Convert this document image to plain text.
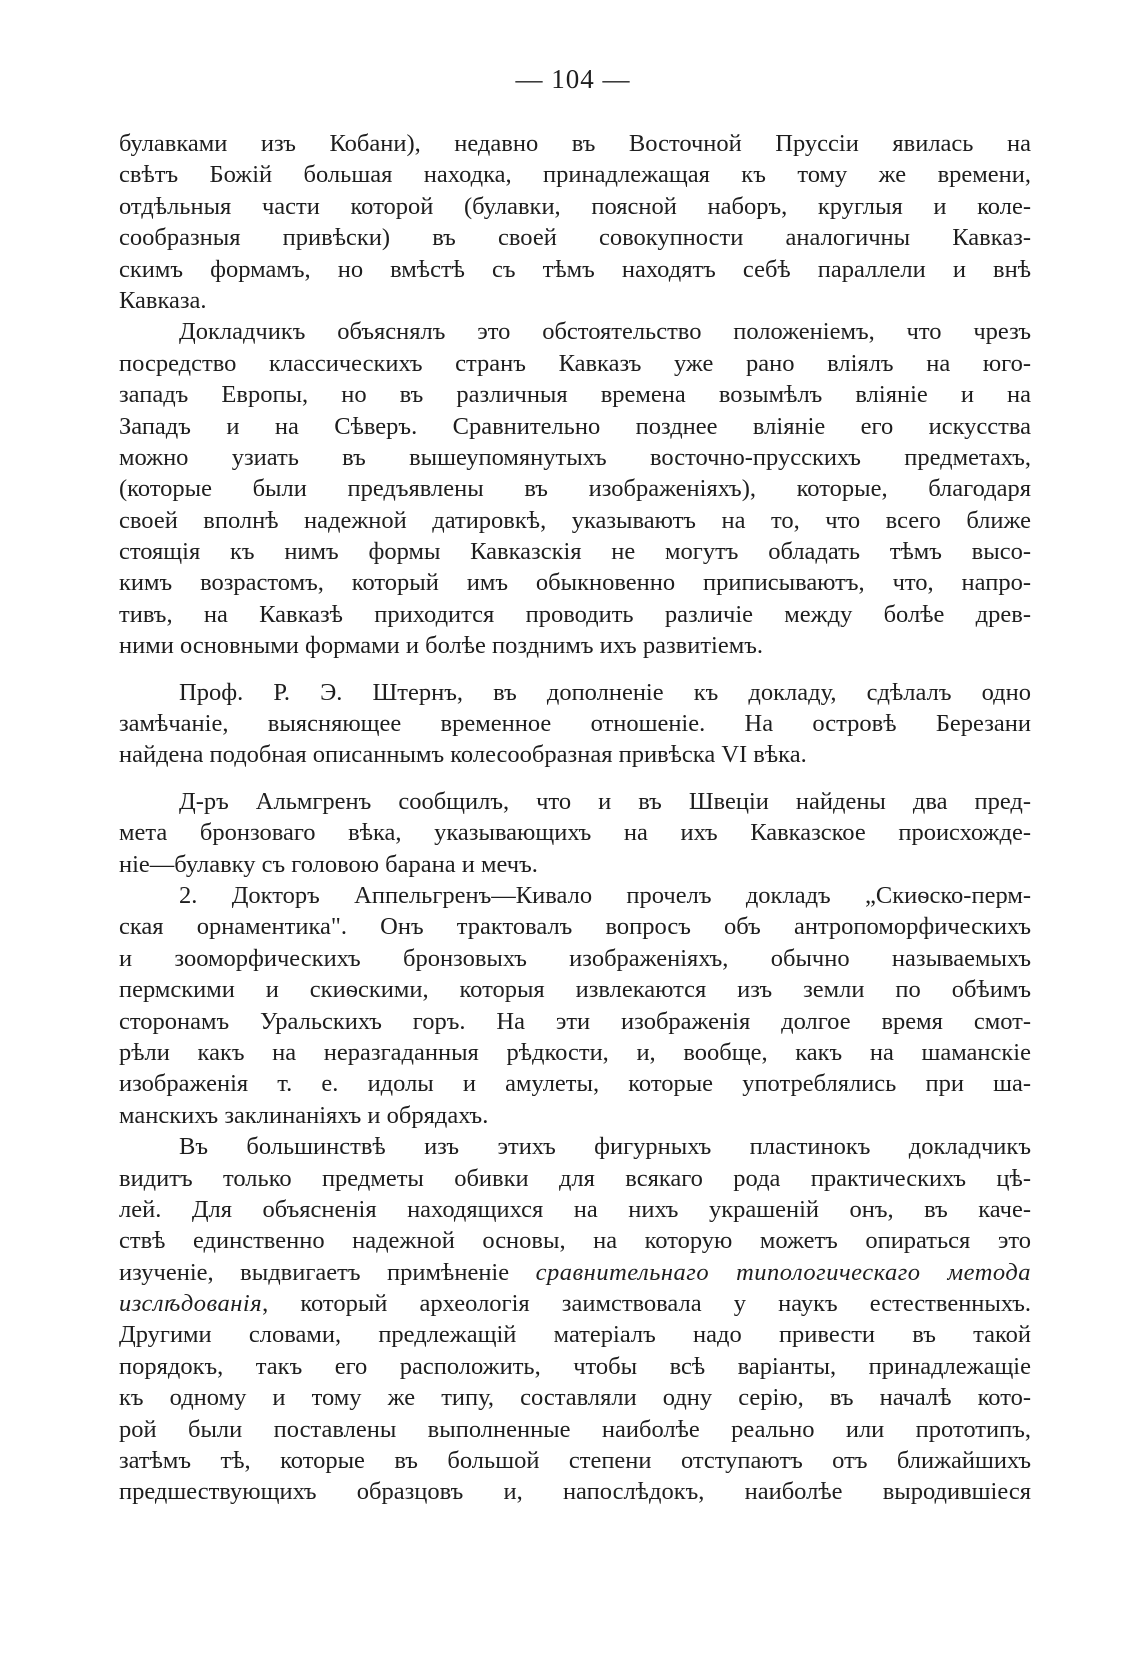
— 104 —
булавками изъ Кобани), недавно въ Восточной Пруссіи явилась на
свѣтъ Божій большая находка, принадлежащая къ тому же времени,
отдѣльныя части которой (булавки, поясной наборъ, круглыя и коле-
сообразныя привѣски) въ своей совокупности аналогичны Кавказ-
скимъ формамъ, но вмѣстѣ съ тѣмъ находятъ себѣ параллели и внѣ
Кавказа.
Докладчикъ объяснялъ это обстоятельство положеніемъ, что чрезъ
посредство классическихъ странъ Кавказъ уже рано вліялъ на юго-
западъ Европы, но въ различныя времена возымѣлъ вліяніе и на
Западъ и на Сѣверъ. Сравнительно позднее вліяніе его искусства
можно узиать въ вышеупомянутыхъ восточно-прусскихъ предметахъ,
(которые были предъявлены въ изображеніяхъ), которые, благодаря
своей вполнѣ надежной датировкѣ, указываютъ на то, что всего ближе
стоящія къ нимъ формы Кавказскія не могутъ обладать тѣмъ высо-
кимъ возрастомъ, который имъ обыкновенно приписываютъ, что, напро-
тивъ, на Кавказѣ приходится проводить различіе между болѣе древ-
ними основными формами и болѣе позднимъ ихъ развитіемъ.
Проф. Р. Э. Штернъ, въ дополненіе къ докладу, сдѣлалъ одно
замѣчаніе, выясняющее временное отношеніе. На островѣ Березани
найдена подобная описаннымъ колесообразная привѣска VI вѣка.
Д-ръ Альмгренъ сообщилъ, что и въ Швеціи найдены два пред-
мета бронзоваго вѣка, указывающихъ на ихъ Кавказское происхожде-
ніе—булавку съ головою барана и мечъ.
2. Докторъ Аппельгренъ—Кивало прочелъ докладъ „Скиѳско-перм-
ская орнаментика". Онъ трактовалъ вопросъ объ антропоморфическихъ
и зооморфическихъ бронзовыхъ изображеніяхъ, обычно называемыхъ
пермскими и скиѳскими, которыя извлекаются изъ земли по обѣимъ
сторонамъ Уральскихъ горъ. На эти изображенія долгое время смот-
рѣли какъ на неразгаданныя рѣдкости, и, вообще, какъ на шаманскіе
изображенія т. е. идолы и амулеты, которые употреблялись при ша-
манскихъ заклинаніяхъ и обрядахъ.
Въ большинствѣ изъ этихъ фигурныхъ пластинокъ докладчикъ
видитъ только предметы обивки для всякаго рода практическихъ цѣ-
лей. Для объясненія находящихся на нихъ украшеній онъ, въ каче-
ствѣ единственно надежной основы, на которую можетъ опираться это
изученіе, выдвигаетъ примѣненіе сравнительнаго типологическаго метода
изслѣдованія, который археологія заимствовала у наукъ естественныхъ.
Другими словами, предлежащій матеріалъ надо привести въ такой
порядокъ, такъ его расположить, чтобы всѣ варіанты, принадлежащіе
къ одному и тому же типу, составляли одну серію, въ началѣ кото-
рой были поставлены выполненные наиболѣе реально или прототипъ,
затѣмъ тѣ, которые въ большой степени отступаютъ отъ ближайшихъ
предшествующихъ образцовъ и, напослѣдокъ, наиболѣе выродившіеся
